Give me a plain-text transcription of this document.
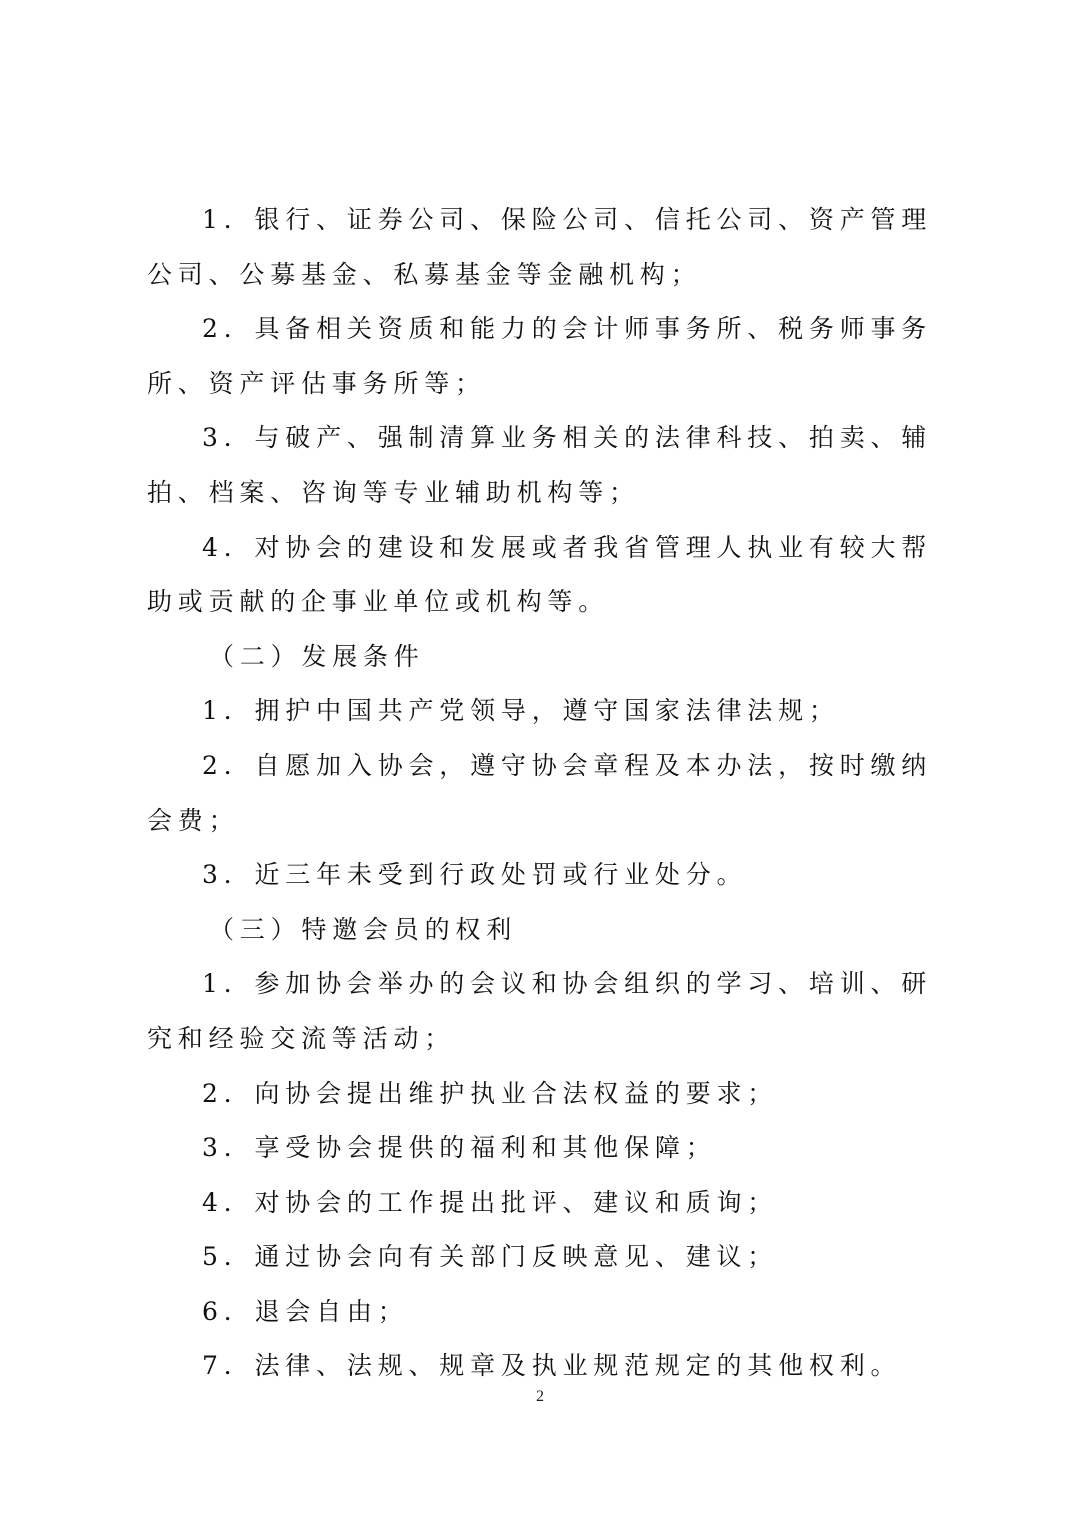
1．银行、证券公司、保险公司、信托公司、资产管理公司、公募基金、私募基金等金融机构；

2．具备相关资质和能力的会计师事务所、税务师事务所、资产评估事务所等；

3．与破产、强制清算业务相关的法律科技、拍卖、辅拍、档案、咨询等专业辅助机构等；

4．对协会的建设和发展或者我省管理人执业有较大帮助或贡献的企事业单位或机构等。

（二）发展条件

1．拥护中国共产党领导，遵守国家法律法规；

2．自愿加入协会，遵守协会章程及本办法，按时缴纳会费；

3．近三年未受到行政处罚或行业处分。

（三）特邀会员的权利

1．参加协会举办的会议和协会组织的学习、培训、研究和经验交流等活动；

2．向协会提出维护执业合法权益的要求；

3．享受协会提供的福利和其他保障；

4．对协会的工作提出批评、建议和质询；

5．通过协会向有关部门反映意见、建议；

6．退会自由；

7．法律、法规、规章及执业规范规定的其他权利。

2
